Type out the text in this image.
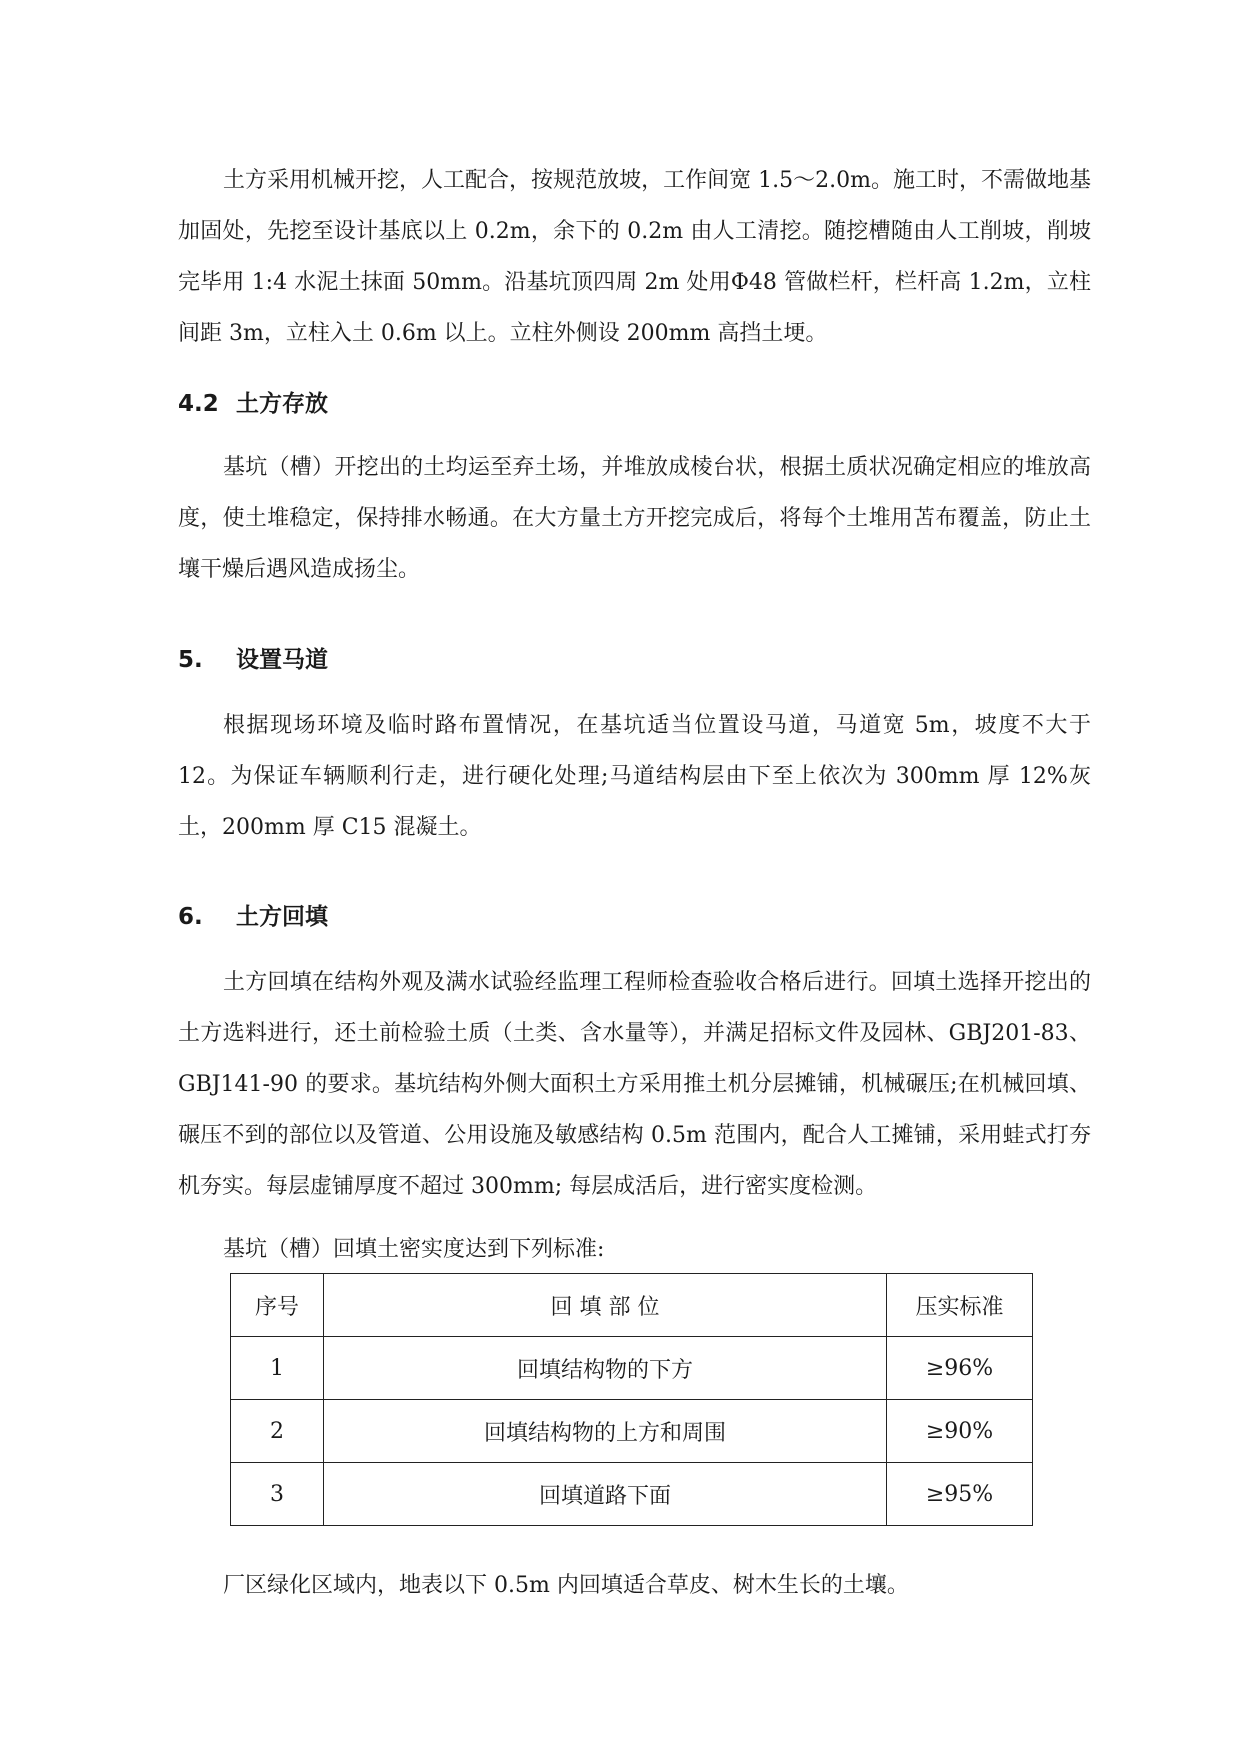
土方采用机械开挖，人工配合，按规范放坡，工作间宽 1.5～2.0m。施工时，不需做地基加固处，先挖至设计基底以上 0.2m，余下的 0.2m 由人工清挖。随挖槽随由人工削坡，削坡完毕用 1:4 水泥土抹面 50mm。沿基坑顶四周 2m 处用Φ48 管做栏杆，栏杆高 1.2m，立柱间距 3m，立柱入土 0.6m 以上。立柱外侧设 200mm 高挡土埂。

4.2 土方存放

基坑（槽）开挖出的土均运至弃土场，并堆放成棱台状，根据土质状况确定相应的堆放高度，使土堆稳定，保持排水畅通。在大方量土方开挖完成后，将每个土堆用苫布覆盖，防止土壤干燥后遇风造成扬尘。

5. 设置马道

根据现场环境及临时路布置情况，在基坑适当位置设马道，马道宽 5m，坡度不大于 12。为保证车辆顺利行走，进行硬化处理;马道结构层由下至上依次为 300mm 厚 12%灰土，200mm 厚 C15 混凝土。

6. 土方回填

土方回填在结构外观及满水试验经监理工程师检查验收合格后进行。回填土选择开挖出的土方选料进行，还土前检验土质（土类、含水量等），并满足招标文件及园林、GBJ201-83、GBJ141-90 的要求。基坑结构外侧大面积土方采用推土机分层摊铺，机械碾压;在机械回填、碾压不到的部位以及管道、公用设施及敏感结构 0.5m 范围内，配合人工摊铺，采用蛙式打夯机夯实。每层虚铺厚度不超过 300mm; 每层成活后，进行密实度检测。

基坑（槽）回填土密实度达到下列标准:

序号	回 填 部 位	压实标准
1	回填结构物的下方	≥96%
2	回填结构物的上方和周围	≥90%
3	回填道路下面	≥95%

厂区绿化区域内，地表以下 0.5m 内回填适合草皮、树木生长的土壤。
